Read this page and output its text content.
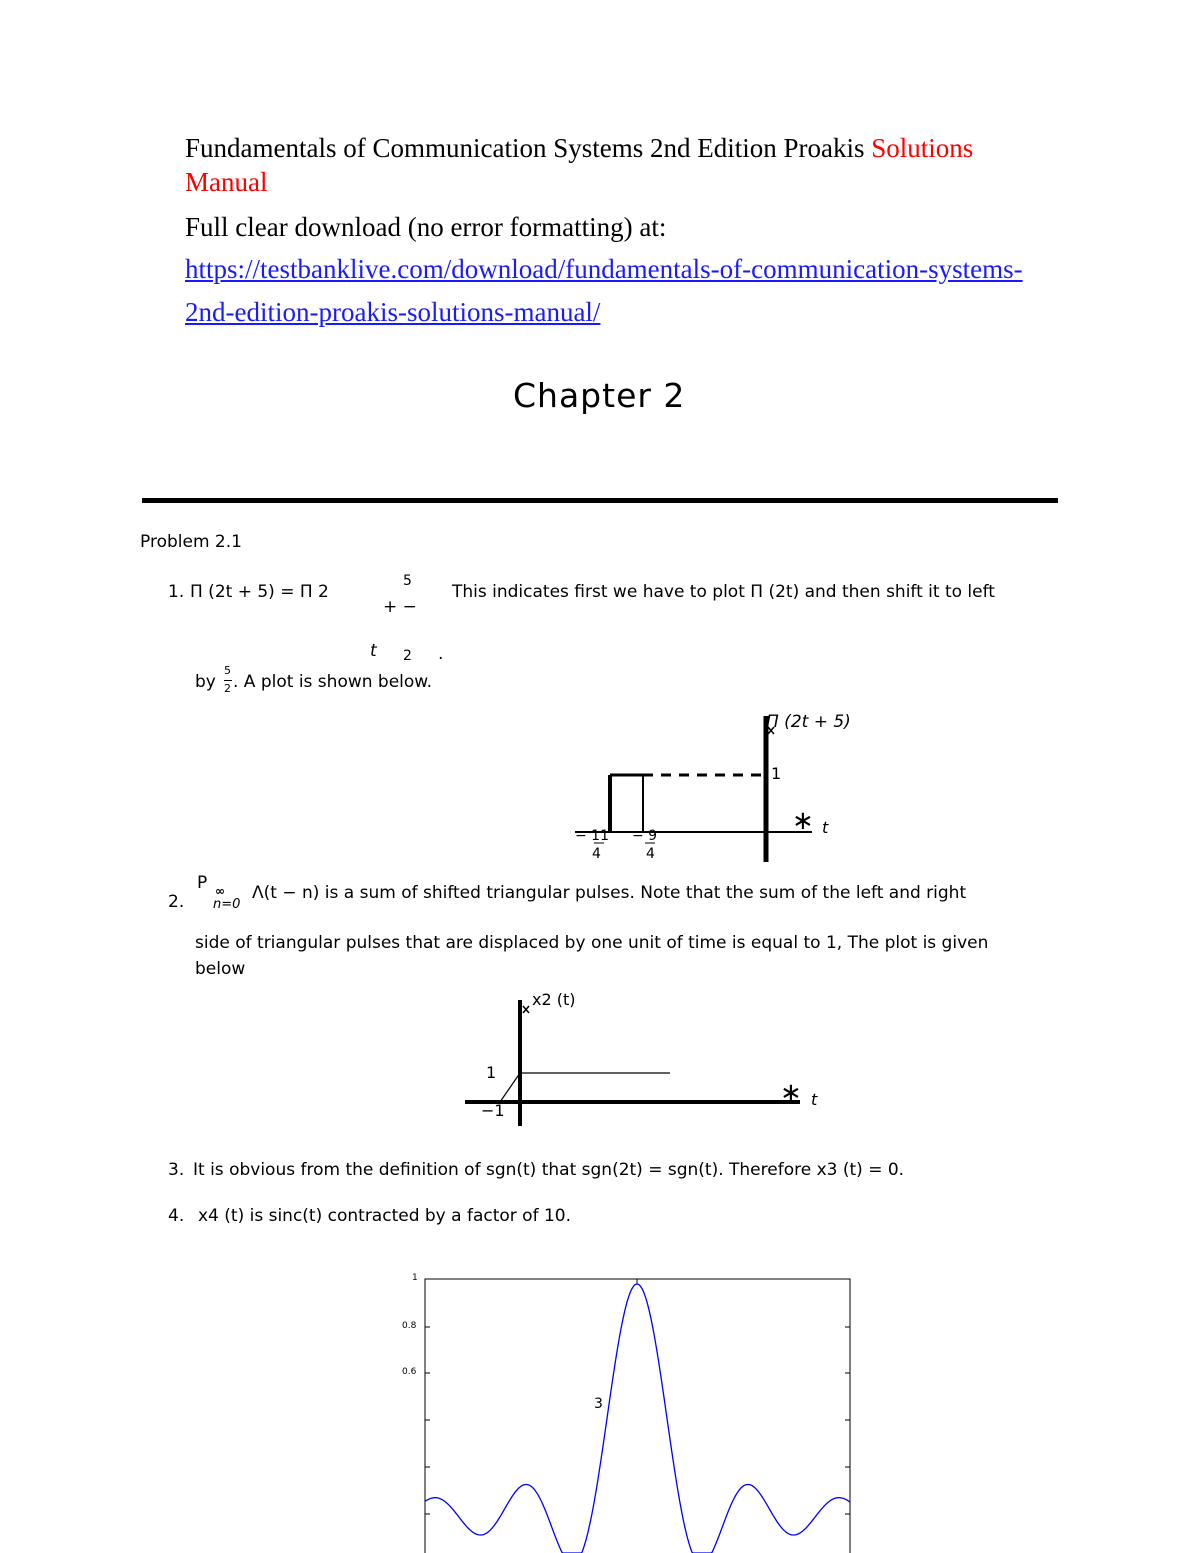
Fundamentals of Communication Systems 2nd Edition Proakis Solutions
Manual
Full clear download (no error formatting) at:
https://testbanklive.com/download/fundamentals-of-communication-systems-
2nd-edition-proakis-solutions-manual/
Chapter 2
Problem 2.1
1. Π (2t + 5) = Π 2
5
+ −
t 2 .
This indicates first we have to plot Π (2t) and then shift it to left
by
5
2 . A plot is shown below.
Π (2t + 5)
1
∗ t
− 11
4
− 9
4
2.
P ∞
n=0
Λ(t − n) is a sum of shifted triangular pulses. Note that the sum of the left and right
side of triangular pulses that are displaced by one unit of time is equal to 1, The plot is given
below
x2 (t)
1
−1
∗ t
3. It is obvious from the definition of sgn(t) that sgn(2t) = sgn(t). Therefore x3 (t) = 0.
4. x4 (t) is sinc(t) contracted by a factor of 10.
1
0.8
0.6
3
